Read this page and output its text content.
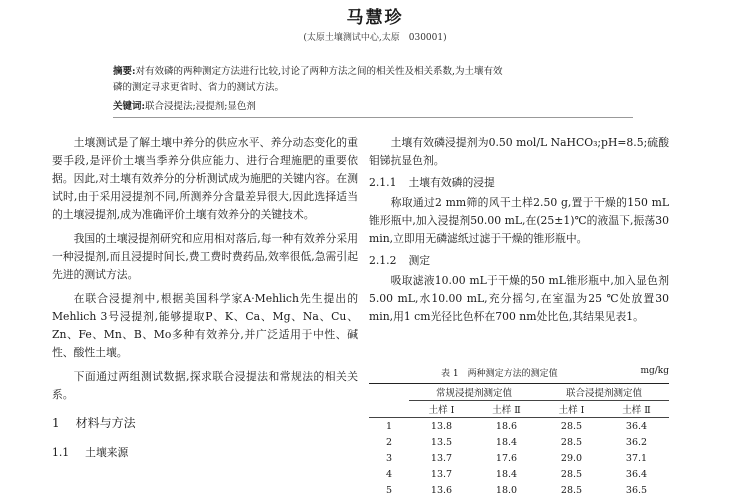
马慧珍
(太原土壤测试中心,太原　030001)
摘要:对有效磷的两种测定方法进行比较,讨论了两种方法之间的相关性及相关系数,为土壤有效
磷的测定寻求更省时、省力的测试方法。
关键词:联合浸提法;浸提剂;显色剂

土壤测试是了解土壤中养分的供应水平、养分动态变化的重要手段,是评价土壤当季养分供应能力、进行合理施肥的重要依据。因此,对土壤有效养分的分析测试成为施肥的关键内容。在测试时,由于采用浸提剂不同,所测养分含量差异很大,因此选择适当的土壤浸提剂,成为准确评价土壤有效养分的关键技术。

我国的土壤浸提剂研究和应用相对落后,每一种有效养分采用一种浸提剂,而且浸提时间长,费工费时费药品,效率很低,急需引起先进的测试方法。

在联合浸提剂中,根据美国科学家A·Mehlich先生提出的Mehlich 3号浸提剂,能够提取P、K、Ca、Mg、Na、Cu、Zn、Fe、Mn、B、Mo多种有效养分,并广泛适用于中性、碱性、酸性土壤。

下面通过两组测试数据,探求联合浸提法和常规法的相关关系。

1 材料与方法
1.1 土壤来源

土壤有效磷浸提剂为0.50 mol/L NaHCO₃;pH=8.5;硫酸钼锑抗显色剂。

2.1.1 土壤有效磷的浸提

称取通过2 mm筛的风干土样2.50 g,置于干燥的150 mL锥形瓶中,加入浸提剂50.00 mL,在(25±1)℃的液温下,振荡30 min,立即用无磷滤纸过滤于干燥的锥形瓶中。

2.1.2 测定

吸取滤液10.00 mL于干燥的50 mL锥形瓶中,加入显色剂5.00 mL,水10.00 mL,充分摇匀,在室温为25 ℃处放置30 min,用1 cm光径比色杯在700 nm处比色,其结果见表1。

表 1　 两种测定方法的测定值	mg/kg
	常规浸提剂测定值		联合浸提剂测定值	
	土样 Ⅰ	土样 Ⅱ	土样 Ⅰ	土样 Ⅱ
1	13.8	18.6	28.5	36.4
2	13.5	18.4	28.5	36.2
3	13.7	17.6	29.0	37.1
4	13.7	18.4	28.5	36.4
5	13.6	18.0	28.5	36.5
